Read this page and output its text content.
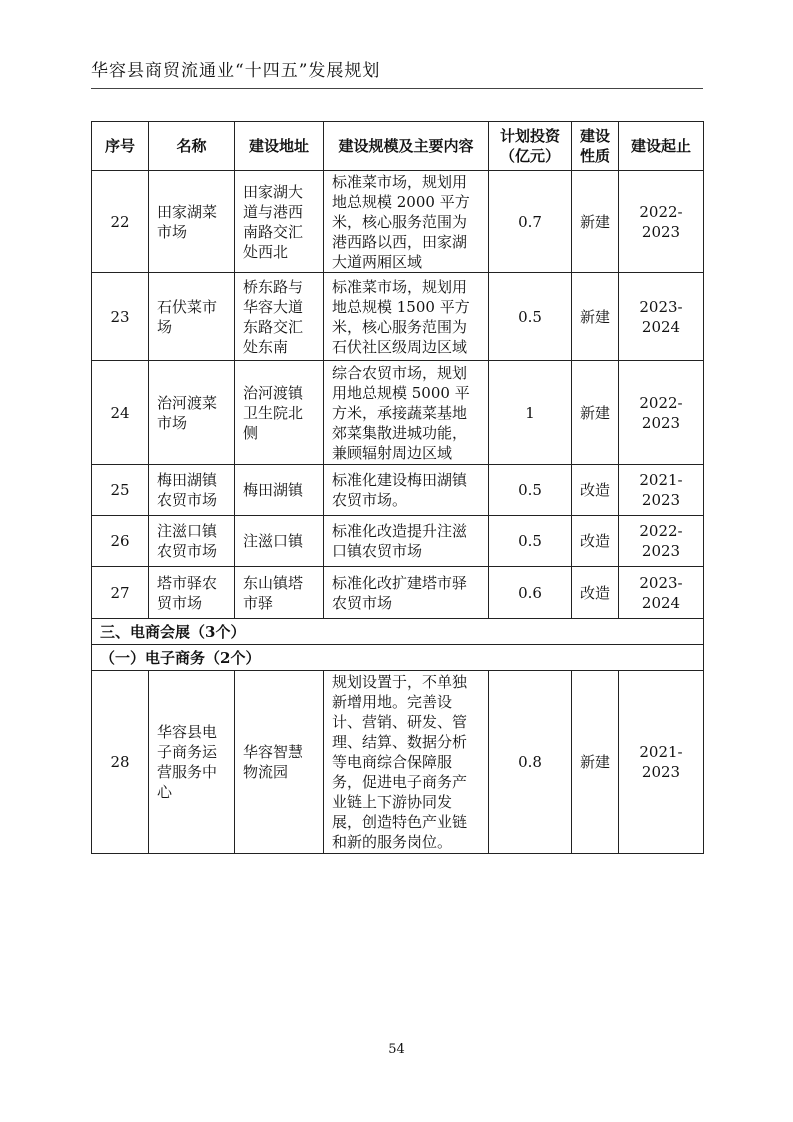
华容县商贸流通业“十四五”发展规划
序号	名称	建设地址	建设规模及主要内容	计划投资（亿元）	建设性质	建设起止
22	田家湖菜市场	田家湖大道与港西南路交汇处西北	标准菜市场，规划用地总规模 2000 平方米，核心服务范围为港西路以西，田家湖大道两厢区域	0.7	新建	2022-2023
23	石伏菜市场	桥东路与华容大道东路交汇处东南	标准菜市场，规划用地总规模 1500 平方米，核心服务范围为石伏社区级周边区域	0.5	新建	2023-2024
24	治河渡菜市场	治河渡镇卫生院北侧	综合农贸市场，规划用地总规模 5000 平方米，承接蔬菜基地郊菜集散进城功能，兼顾辐射周边区域	1	新建	2022-2023
25	梅田湖镇农贸市场	梅田湖镇	标准化建设梅田湖镇农贸市场。	0.5	改造	2021-2023
26	注滋口镇农贸市场	注滋口镇	标准化改造提升注滋口镇农贸市场	0.5	改造	2022-2023
27	塔市驿农贸市场	东山镇塔市驿	标准化改扩建塔市驿农贸市场	0.6	改造	2023-2024
三、电商会展（3个）						
（一）电子商务（2个）						
28	华容县电子商务运营服务中心	华容智慧物流园	规划设置于，不单独新增用地。完善设计、营销、研发、管理、结算、数据分析等电商综合保障服务，促进电子商务产业链上下游协同发展，创造特色产业链和新的服务岗位。	0.8	新建	2021-2023
54
